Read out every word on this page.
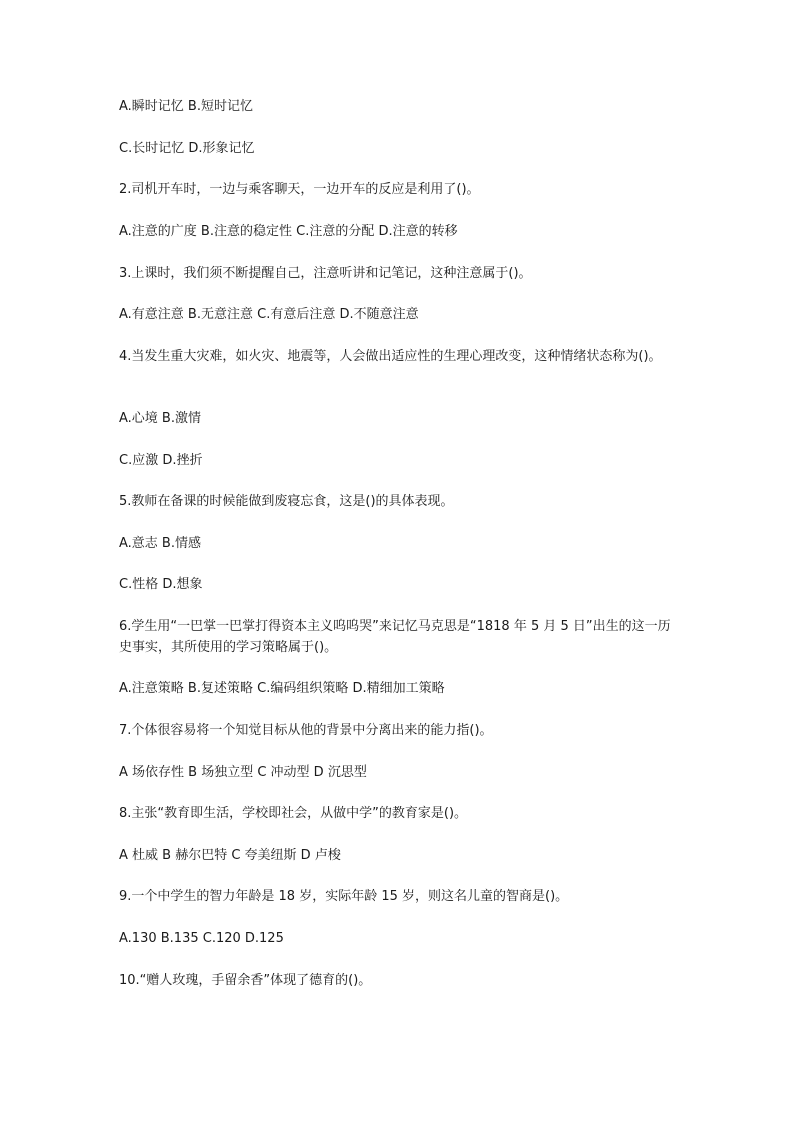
A.瞬时记忆 B.短时记忆
C.长时记忆 D.形象记忆
2.司机开车时，一边与乘客聊天，一边开车的反应是利用了()。
A.注意的广度 B.注意的稳定性 C.注意的分配 D.注意的转移
3.上课时，我们须不断提醒自己，注意听讲和记笔记，这种注意属于()。
A.有意注意 B.无意注意 C.有意后注意 D.不随意注意
4.当发生重大灾难，如火灾、地震等，人会做出适应性的生理心理改变，这种情绪状态称为()。
A.心境 B.激情
C.应激 D.挫折
5.教师在备课的时候能做到废寝忘食，这是()的具体表现。
A.意志 B.情感
C.性格 D.想象
6.学生用“一巴掌一巴掌打得资本主义呜呜哭”来记忆马克思是“1818 年 5 月 5 日”出生的这一历史事实，其所使用的学习策略属于()。
A.注意策略 B.复述策略 C.编码组织策略 D.精细加工策略
7.个体很容易将一个知觉目标从他的背景中分离出来的能力指()。
A 场依存性 B 场独立型 C 冲动型 D 沉思型
8.主张“教育即生活，学校即社会，从做中学”的教育家是()。
A 杜威 B 赫尔巴特 C 夸美纽斯 D 卢梭
9.一个中学生的智力年龄是 18 岁，实际年龄 15 岁，则这名儿童的智商是()。
A.130 B.135 C.120 D.125
10.“赠人玫瑰，手留余香”体现了德育的()。
